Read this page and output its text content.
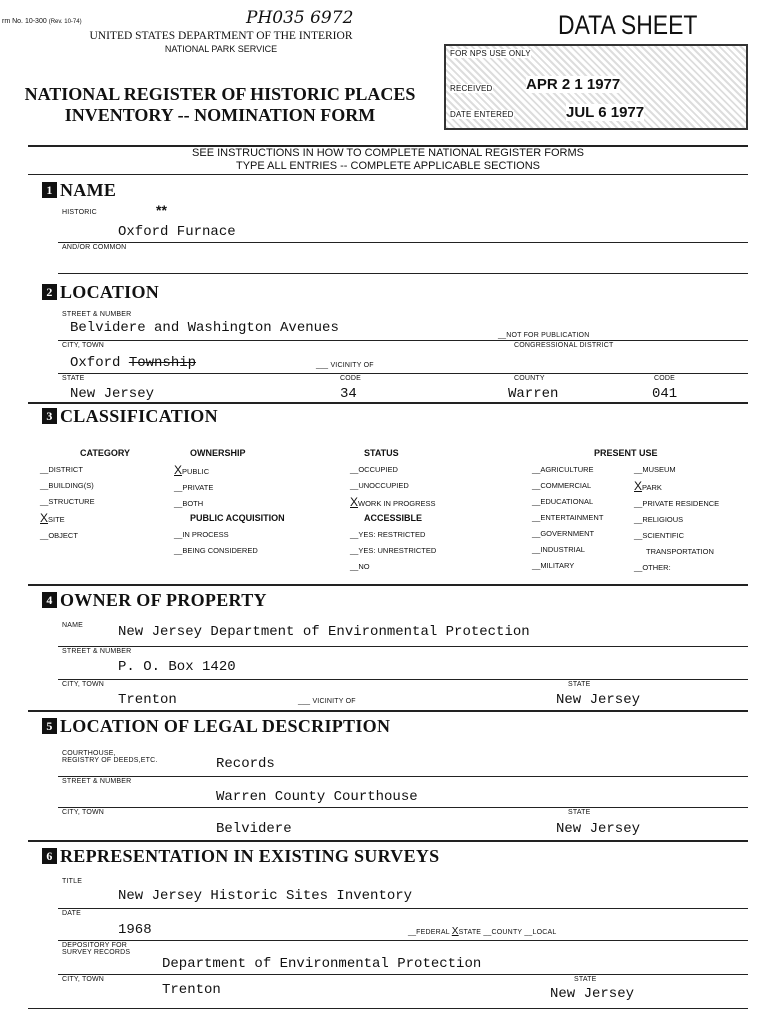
rm No. 10-300 (Rev. 10-74)	PH035 6972
UNITED STATES DEPARTMENT OF THE INTERIOR
NATIONAL PARK SERVICE
NATIONAL REGISTER OF HISTORIC PLACES
INVENTORY -- NOMINATION FORM
DATA SHEET
FOR NPS USE ONLY
RECEIVED APR 2 1 1977
DATE ENTERED	JUL 6 1977
SEE INSTRUCTIONS IN HOW TO COMPLETE NATIONAL REGISTER FORMS
TYPE ALL ENTRIES -- COMPLETE APPLICABLE SECTIONS
1 NAME
HISTORIC	**
Oxford Furnace
AND/OR COMMON
2 LOCATION
STREET & NUMBER
Belvidere and Washington Avenues	__NOT FOR PUBLICATION
CITY, TOWN	CONGRESSIONAL DISTRICT
Oxford Township	___ VICINITY OF
STATE	CODE	COUNTY	CODE
New Jersey	34	Warren	041
3 CLASSIFICATION
CATEGORY
__DISTRICT
__BUILDING(S)
__STRUCTURE
XSITE
__OBJECT
OWNERSHIP
XPUBLIC
__PRIVATE
__BOTH
PUBLIC ACQUISITION
__IN PROCESS
__BEING CONSIDERED
STATUS
__OCCUPIED
__UNOCCUPIED
XWORK IN PROGRESS
ACCESSIBLE
__YES: RESTRICTED
__YES: UNRESTRICTED
__NO
PRESENT USE
__AGRICULTURE
__COMMERCIAL
__EDUCATIONAL
__ENTERTAINMENT
__GOVERNMENT
__INDUSTRIAL
__MILITARY
__MUSEUM
XPARK
__PRIVATE RESIDENCE
__RELIGIOUS
__SCIENTIFIC
TRANSPORTATION
__OTHER:
4 OWNER OF PROPERTY
NAME New Jersey Department of Environmental Protection
STREET & NUMBER
P. O. Box 1420
CITY, TOWN	STATE
Trenton	___ VICINITY OF	New Jersey
5 LOCATION OF LEGAL DESCRIPTION
COURTHOUSE,
REGISTRY OF DEEDS,ETC.	Records
STREET & NUMBER
Warren County Courthouse
CITY, TOWN	STATE
Belvidere	New Jersey
6 REPRESENTATION IN EXISTING SURVEYS
TITLE
New Jersey Historic Sites Inventory
DATE
1968	__FEDERAL XSTATE __COUNTY __LOCAL
DEPOSITORY FOR
SURVEY RECORDS
Department of Environmental Protection
CITY, TOWN	STATE
Trenton	New Jersey
